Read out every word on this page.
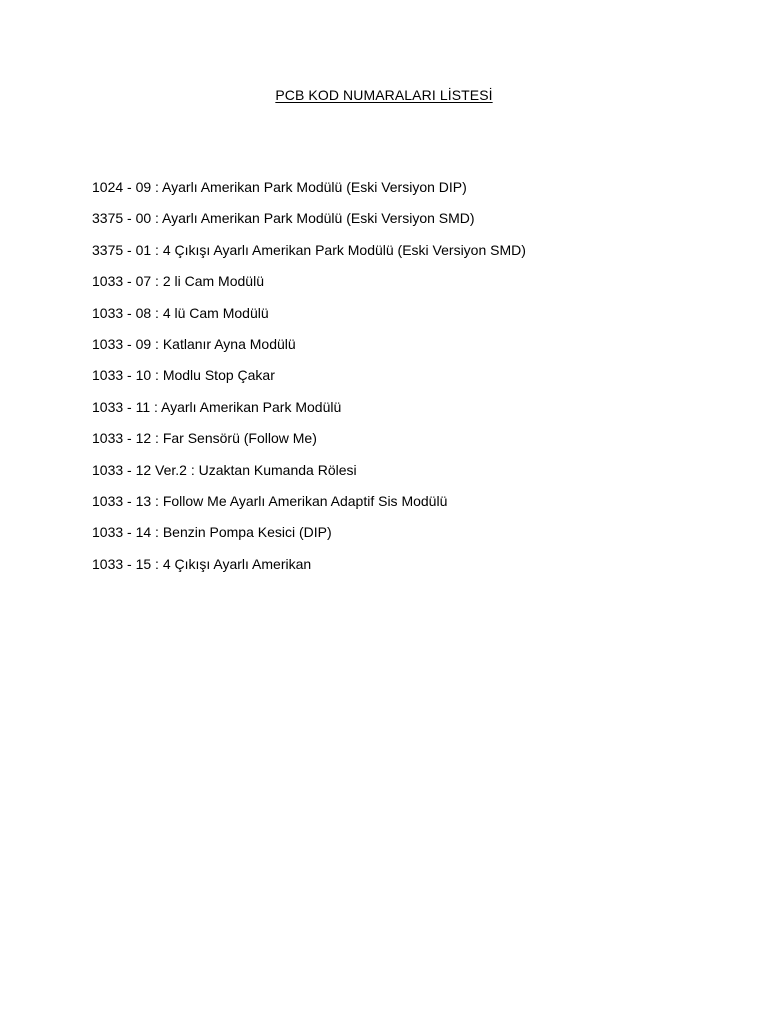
PCB KOD NUMARALARI LİSTESİ
1024 - 09 : Ayarlı Amerikan Park Modülü (Eski Versiyon DIP)
3375 - 00 : Ayarlı Amerikan Park Modülü (Eski Versiyon SMD)
3375 - 01 : 4 Çıkışı Ayarlı Amerikan Park Modülü (Eski Versiyon SMD)
1033 - 07 : 2 li Cam Modülü
1033 - 08 : 4 lü Cam Modülü
1033 - 09 : Katlanır Ayna Modülü
1033 - 10 : Modlu Stop Çakar
1033 - 11 : Ayarlı Amerikan Park Modülü
1033 - 12 : Far Sensörü (Follow Me)
1033 - 12 Ver.2 : Uzaktan Kumanda Rölesi
1033 - 13 : Follow Me Ayarlı Amerikan Adaptif Sis Modülü
1033 - 14 : Benzin Pompa Kesici (DIP)
1033 - 15 : 4 Çıkışı Ayarlı Amerikan
